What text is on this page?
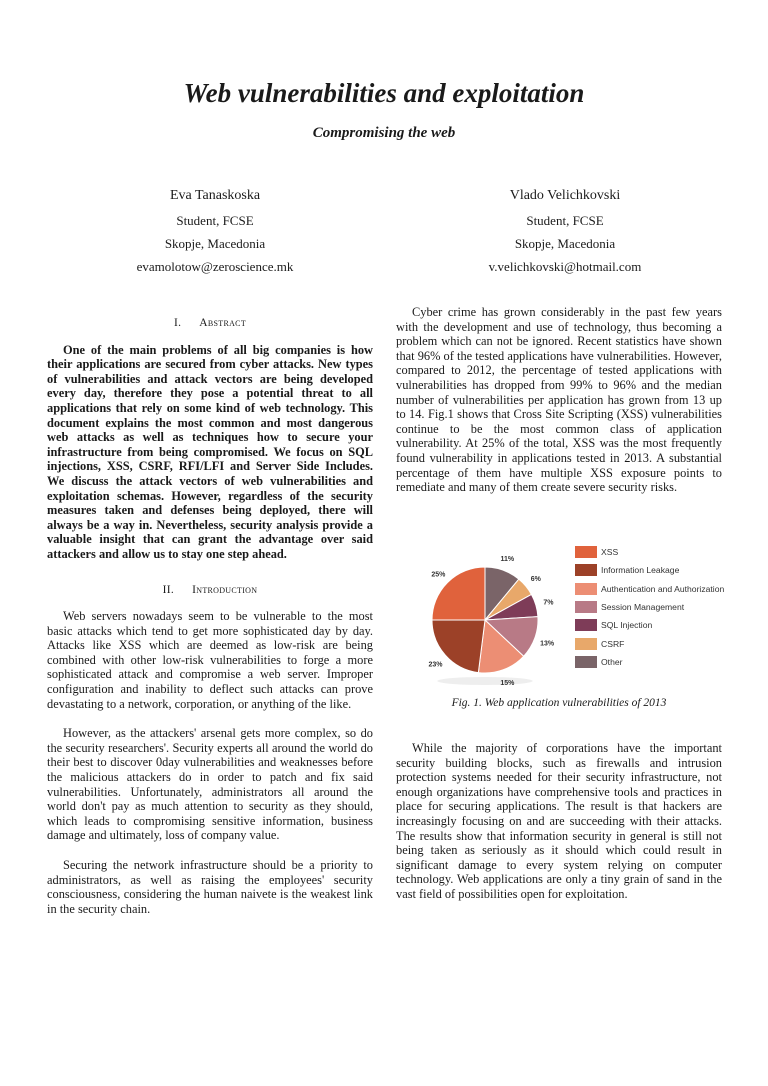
Web vulnerabilities and exploitation
Compromising the web
Eva Tanaskoska
Student, FCSE
Skopje, Macedonia
evamolotow@zeroscience.mk
Vlado Velichkovski
Student, FCSE
Skopje, Macedonia
v.velichkovski@hotmail.com
I. Abstract

One of the main problems of all big companies is how their applications are secured from cyber attacks. New types of vulnerabilities and attack vectors are being developed every day, therefore they pose a potential threat to all applications that rely on some kind of web technology. This document explains the most common and most dangerous web attacks as well as techniques how to secure your infrastructure from being compromised. We focus on SQL injections, XSS, CSRF, RFI/LFI and Server Side Includes. We discuss the attack vectors of web vulnerabilities and exploitation schemas. However, regardless of the security measures taken and defenses being deployed, there will always be a way in. Nevertheless, security analysis provide a valuable insight that can grant the advantage over said attackers and allow us to stay one step ahead.

II. Introduction

Web servers nowadays seem to be vulnerable to the most basic attacks which tend to get more sophisticated day by day. Attacks like XSS which are deemed as low-risk are being combined with other low-risk vulnerabilities to forge a more sophisticated attack and compromise a web server. Improper configuration and inability to deflect such attacks can prove devastating to a network, corporation, or anything of the like.

However, as the attackers' arsenal gets more complex, so do the security researchers'. Security experts all around the world do their best to discover 0day vulnerabilities and weaknesses before the malicious attackers do in order to patch and fix said vulnerabilities. Unfortunately, administrators all around the world don't pay as much attention to security as they should, which leads to compromising sensitive information, business damage and ultimately, loss of company value.

Securing the network infrastructure should be a priority to administrators, as well as raising the employees' security consciousness, considering the human naivete is the weakest link in the security chain.

Cyber crime has grown considerably in the past few years with the development and use of technology, thus becoming a problem which can not be ignored. Recent statistics have shown that 96% of the tested applications have vulnerabilities. However, compared to 2012, the percentage of tested applications with vulnerabilities has dropped from 99% to 96% and the median number of vulnerabilities per application has grown from 13 up to 14. Fig.1 shows that Cross Site Scripting (XSS) vulnerabilities continue to be the most common class of application vulnerability. At 25% of the total, XSS was the most frequently found vulnerability in applications tested in 2013. A substantial percentage of them have multiple XSS exposure points to remediate and many of them create severe security risks.

11%
6%
7%
13%
15%
23%
25%
XSS
Information Leakage
Authentication and Authorization
Session Management
SQL Injection
CSRF
Other
Fig. 1. Web application vulnerabilities of 2013

While the majority of corporations have the important security building blocks, such as firewalls and intrusion protection systems needed for their security infrastructure, not enough organizations have comprehensive tools and practices in place for securing applications. The result is that hackers are increasingly focusing on and are succeeding with their attacks. The results show that information security in general is still not being taken as seriously as it should which could result in significant damage to every system relying on computer technology. Web applications are only a tiny grain of sand in the vast field of possibilities open for exploitation.
